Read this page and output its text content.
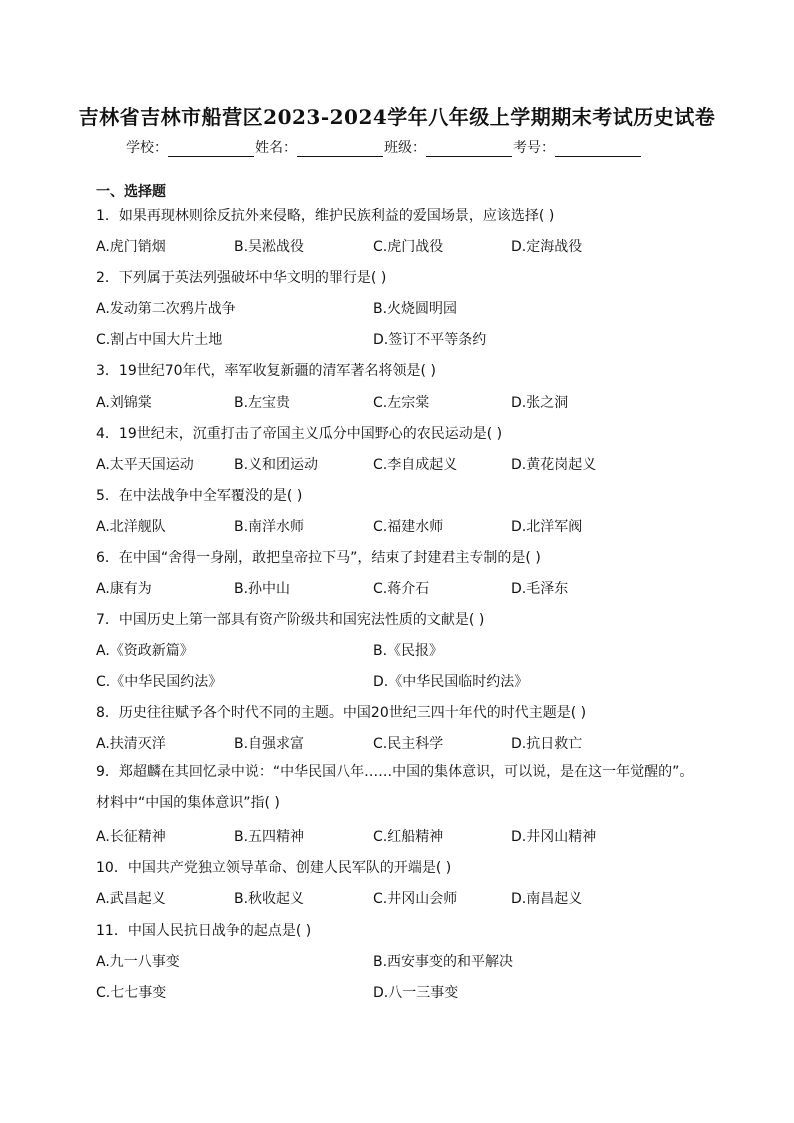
吉林省吉林市船营区2023-2024学年八年级上学期期末考试历史试卷
学校：	姓名：	班级：	考号：
一、选择题
1．如果再现林则徐反抗外来侵略，维护民族利益的爱国场景，应该选择( )
A.虎门销烟	B.吴淞战役	C.虎门战役	D.定海战役
2．下列属于英法列强破坏中华文明的罪行是( )
A.发动第二次鸦片战争	B.火烧圆明园
C.割占中国大片土地	D.签订不平等条约
3．19世纪70年代，率军收复新疆的清军著名将领是( )
A.刘锦棠	B.左宝贵	C.左宗棠	D.张之洞
4．19世纪末，沉重打击了帝国主义瓜分中国野心的农民运动是( )
A.太平天国运动	B.义和团运动	C.李自成起义	D.黄花岗起义
5．在中法战争中全军覆没的是( )
A.北洋舰队	B.南洋水师	C.福建水师	D.北洋军阀
6．在中国“舍得一身剐，敢把皇帝拉下马”，结束了封建君主专制的是( )
A.康有为	B.孙中山	C.蒋介石	D.毛泽东
7．中国历史上第一部具有资产阶级共和国宪法性质的文献是( )
A.《资政新篇》	B.《民报》
C.《中华民国约法》	D.《中华民国临时约法》
8．历史往往赋予各个时代不同的主题。中国20世纪三四十年代的时代主题是( )
A.扶清灭洋	B.自强求富	C.民主科学	D.抗日救亡
9．郑超麟在其回忆录中说：“中华民国八年……中国的集体意识，可以说，是在这一年觉醒的”。材料中“中国的集体意识”指( )
A.长征精神	B.五四精神	C.红船精神	D.井冈山精神
10．中国共产党独立领导革命、创建人民军队的开端是( )
A.武昌起义	B.秋收起义	C.井冈山会师	D.南昌起义
11．中国人民抗日战争的起点是( )
A.九一八事变	B.西安事变的和平解决
C.七七事变	D.八一三事变
